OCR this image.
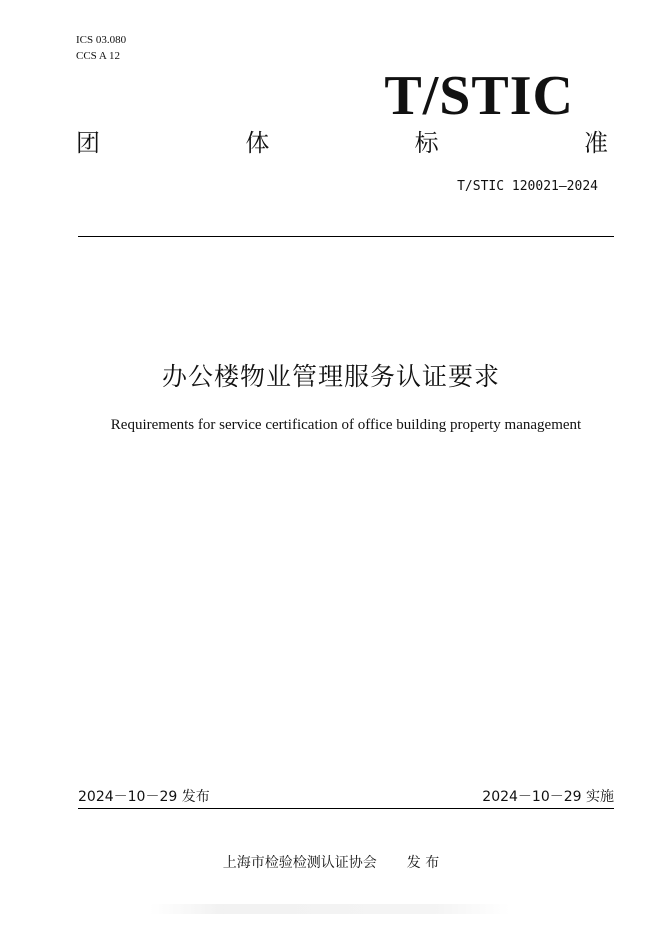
ICS 03.080
CCS A 12
T/STIC
团	体	标	准
T/STIC 120021—2024
办公楼物业管理服务认证要求
Requirements for service certification of office building property management
2024－10－29 发布	2024－10－29 实施
上海市检验检测认证协会 发 布
